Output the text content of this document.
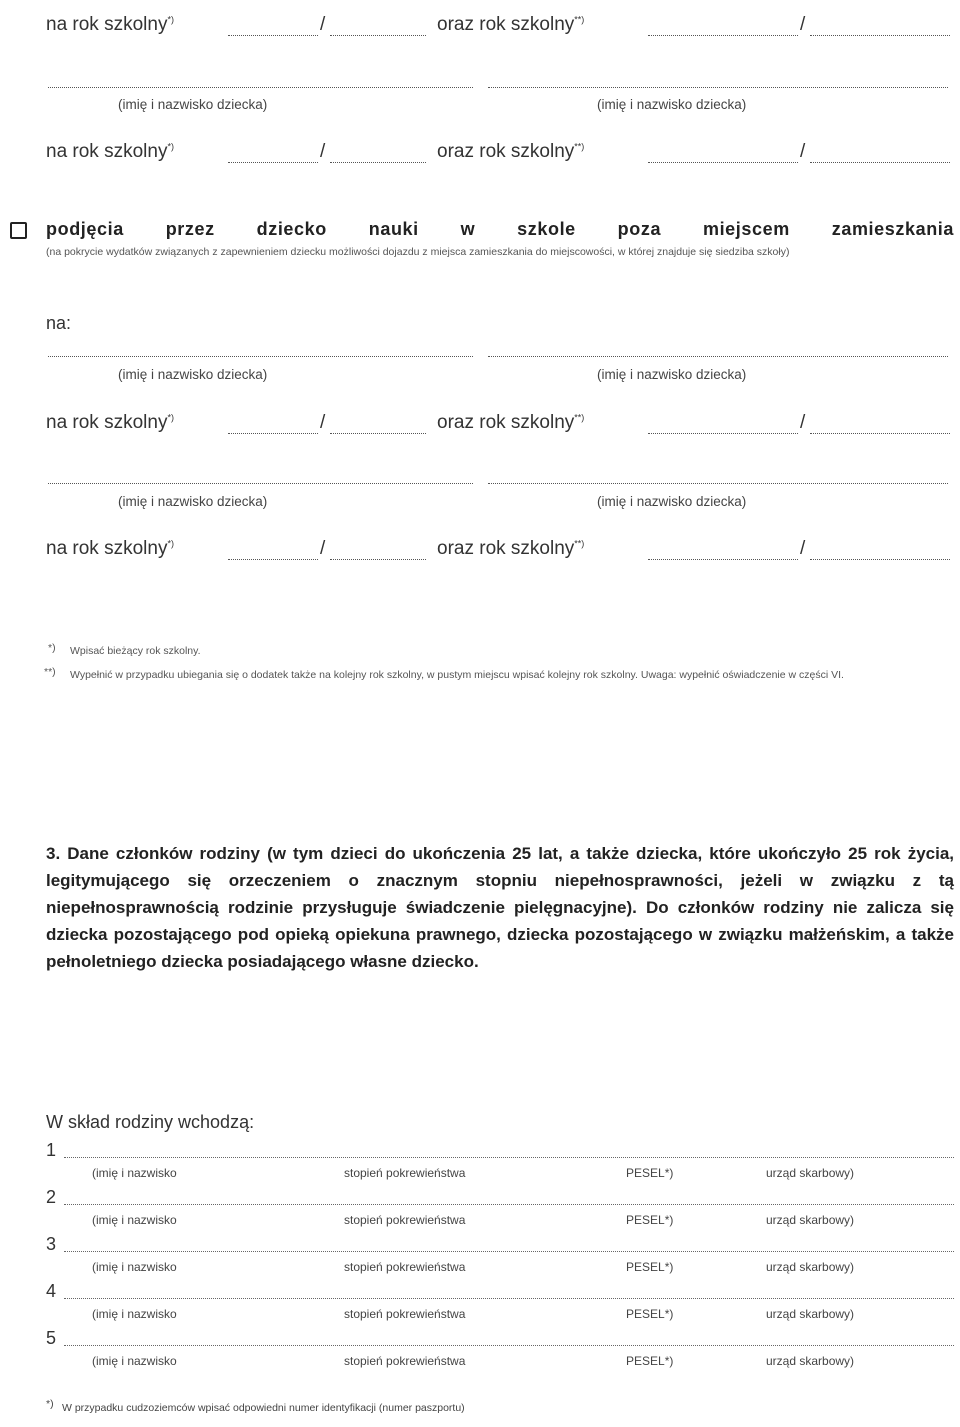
na rok szkolny*)	/	oraz rok szkolny**)	/
(imię i nazwisko dziecka)	(imię i nazwisko dziecka)
na rok szkolny*)	/	oraz rok szkolny**)	/
podjęcia przez dziecko nauki w szkole poza miejscem zamieszkania
(na pokrycie wydatków związanych z zapewnieniem dziecku możliwości dojazdu z miejsca zamieszkania do miejscowości, w której znajduje się siedziba szkoły)
na:
(imię i nazwisko dziecka)	(imię i nazwisko dziecka)
na rok szkolny*)	/	oraz rok szkolny**)	/
(imię i nazwisko dziecka)	(imię i nazwisko dziecka)
na rok szkolny*)	/	oraz rok szkolny**)	/
*) Wpisać bieżący rok szkolny.
**) Wypełnić w przypadku ubiegania się o dodatek także na kolejny rok szkolny, w pustym miejscu wpisać kolejny rok szkolny. Uwaga: wypełnić oświadczenie w części VI.
3. Dane członków rodziny (w tym dzieci do ukończenia 25 lat, a także dziecka, które ukończyło 25 rok życia, legitymującego się orzeczeniem o znacznym stopniu niepełnosprawności, jeżeli w związku z tą niepełnosprawnością rodzinie przysługuje świadczenie pielęgnacyjne). Do członków rodziny nie zalicza się dziecka pozostającego pod opieką opiekuna prawnego, dziecka pozostającego w związku małżeńskim, a także pełnoletniego dziecka posiadającego własne dziecko.
W skład rodziny wchodzą:
1
(imię i nazwisko	stopień pokrewieństwa	PESEL*)	urząd skarbowy)
2
(imię i nazwisko	stopień pokrewieństwa	PESEL*)	urząd skarbowy)
3
(imię i nazwisko	stopień pokrewieństwa	PESEL*)	urząd skarbowy)
4
(imię i nazwisko	stopień pokrewieństwa	PESEL*)	urząd skarbowy)
5
(imię i nazwisko	stopień pokrewieństwa	PESEL*)	urząd skarbowy)
*) W przypadku cudzoziemców wpisać odpowiedni numer identyfikacji (numer paszportu)
